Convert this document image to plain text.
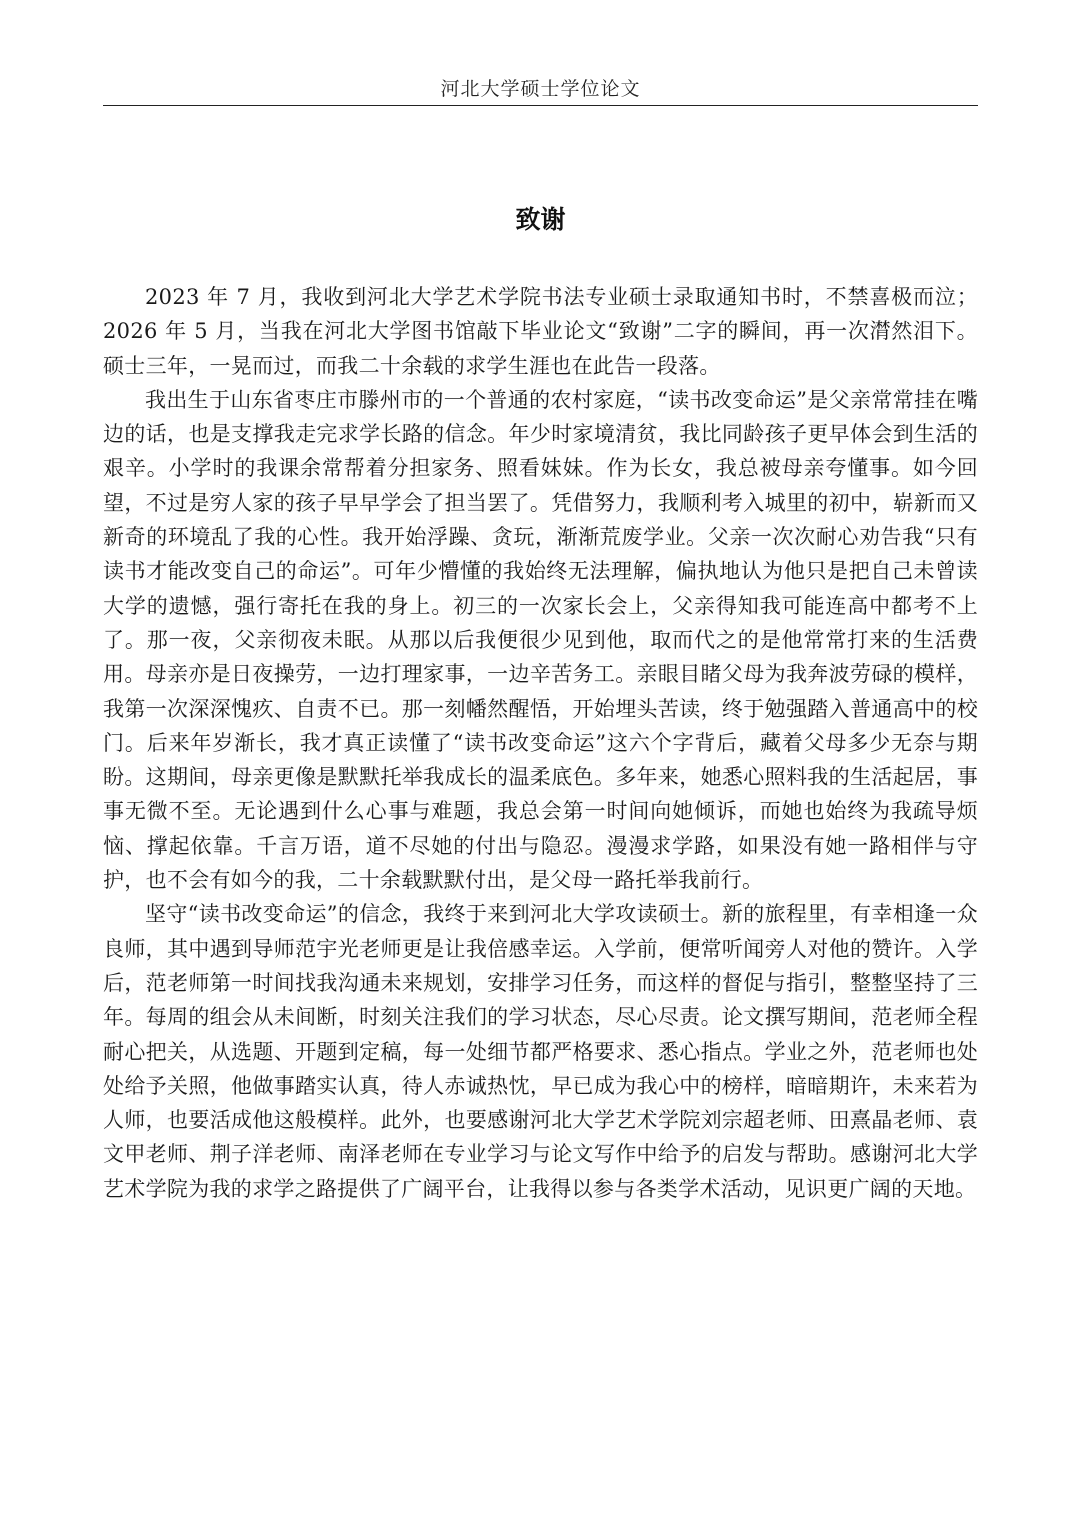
河北大学硕士学位论文
致谢

2023 年 7 月，我收到河北大学艺术学院书法专业硕士录取通知书时，不禁喜极而泣；2026 年 5 月，当我在河北大学图书馆敲下毕业论文“致谢”二字的瞬间，再一次潸然泪下。硕士三年，一晃而过，而我二十余载的求学生涯也在此告一段落。

我出生于山东省枣庄市滕州市的一个普通的农村家庭，“读书改变命运”是父亲常常挂在嘴边的话，也是支撑我走完求学长路的信念。年少时家境清贫，我比同龄孩子更早体会到生活的艰辛。小学时的我课余常帮着分担家务、照看妹妹。作为长女，我总被母亲夸懂事。如今回望，不过是穷人家的孩子早早学会了担当罢了。凭借努力，我顺利考入城里的初中，崭新而又新奇的环境乱了我的心性。我开始浮躁、贪玩，渐渐荒废学业。父亲一次次耐心劝告我“只有读书才能改变自己的命运”。可年少懵懂的我始终无法理解，偏执地认为他只是把自己未曾读大学的遗憾，强行寄托在我的身上。初三的一次家长会上，父亲得知我可能连高中都考不上了。那一夜，父亲彻夜未眠。从那以后我便很少见到他，取而代之的是他常常打来的生活费用。母亲亦是日夜操劳，一边打理家事，一边辛苦务工。亲眼目睹父母为我奔波劳碌的模样，我第一次深深愧疚、自责不已。那一刻幡然醒悟，开始埋头苦读，终于勉强踏入普通高中的校门。后来年岁渐长，我才真正读懂了“读书改变命运”这六个字背后，藏着父母多少无奈与期盼。这期间，母亲更像是默默托举我成长的温柔底色。多年来，她悉心照料我的生活起居，事事无微不至。无论遇到什么心事与难题，我总会第一时间向她倾诉，而她也始终为我疏导烦恼、撑起依靠。千言万语，道不尽她的付出与隐忍。漫漫求学路，如果没有她一路相伴与守护，也不会有如今的我，二十余载默默付出，是父母一路托举我前行。

坚守“读书改变命运”的信念，我终于来到河北大学攻读硕士。新的旅程里，有幸相逢一众良师，其中遇到导师范宇光老师更是让我倍感幸运。入学前，便常听闻旁人对他的赞许。入学后，范老师第一时间找我沟通未来规划，安排学习任务，而这样的督促与指引，整整坚持了三年。每周的组会从未间断，时刻关注我们的学习状态，尽心尽责。论文撰写期间，范老师全程耐心把关，从选题、开题到定稿，每一处细节都严格要求、悉心指点。学业之外，范老师也处处给予关照，他做事踏实认真，待人赤诚热忱，早已成为我心中的榜样，暗暗期许，未来若为人师，也要活成他这般模样。此外，也要感谢河北大学艺术学院刘宗超老师、田熹晶老师、袁文甲老师、荆子洋老师、南泽老师在专业学习与论文写作中给予的启发与帮助。感谢河北大学艺术学院为我的求学之路提供了广阔平台，让我得以参与各类学术活动，见识更广阔的天地。
